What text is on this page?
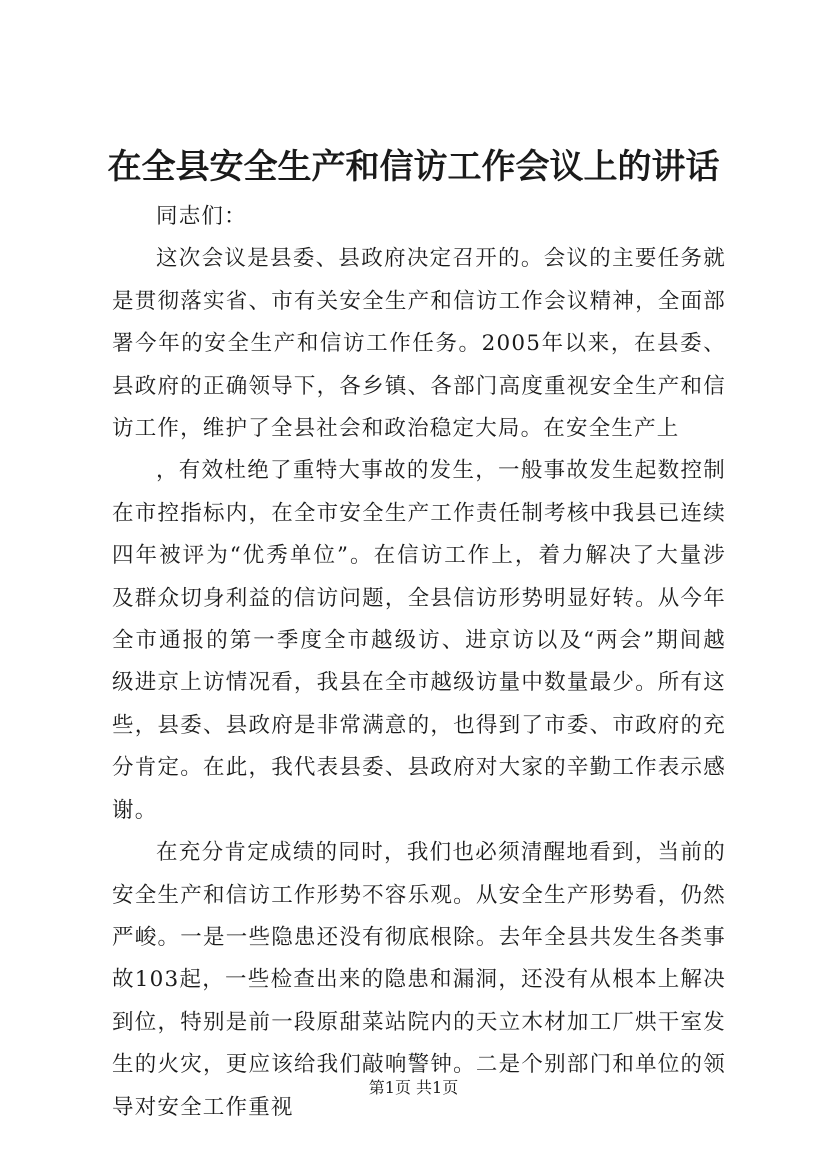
在全县安全生产和信访工作会议上的讲话

同志们：

这次会议是县委、县政府决定召开的。会议的主要任务就是贯彻落实省、市有关安全生产和信访工作会议精神，全面部署今年的安全生产和信访工作任务。2005年以来，在县委、县政府的正确领导下，各乡镇、各部门高度重视安全生产和信访工作，维护了全县社会和政治稳定大局。在安全生产上

，有效杜绝了重特大事故的发生，一般事故发生起数控制在市控指标内，在全市安全生产工作责任制考核中我县已连续四年被评为“优秀单位”。在信访工作上，着力解决了大量涉及群众切身利益的信访问题，全县信访形势明显好转。从今年全市通报的第一季度全市越级访、进京访以及“两会”期间越级进京上访情况看，我县在全市越级访量中数量最少。所有这些，县委、县政府是非常满意的，也得到了市委、市政府的充分肯定。在此，我代表县委、县政府对大家的辛勤工作表示感谢。

在充分肯定成绩的同时，我们也必须清醒地看到，当前的安全生产和信访工作形势不容乐观。从安全生产形势看，仍然严峻。一是一些隐患还没有彻底根除。去年全县共发生各类事故103起，一些检查出来的隐患和漏洞，还没有从根本上解决到位，特别是前一段原甜菜站院内的天立木材加工厂烘干室发生的火灾，更应该给我们敲响警钟。二是个别部门和单位的领导对安全工作重视

第1页 共1页
